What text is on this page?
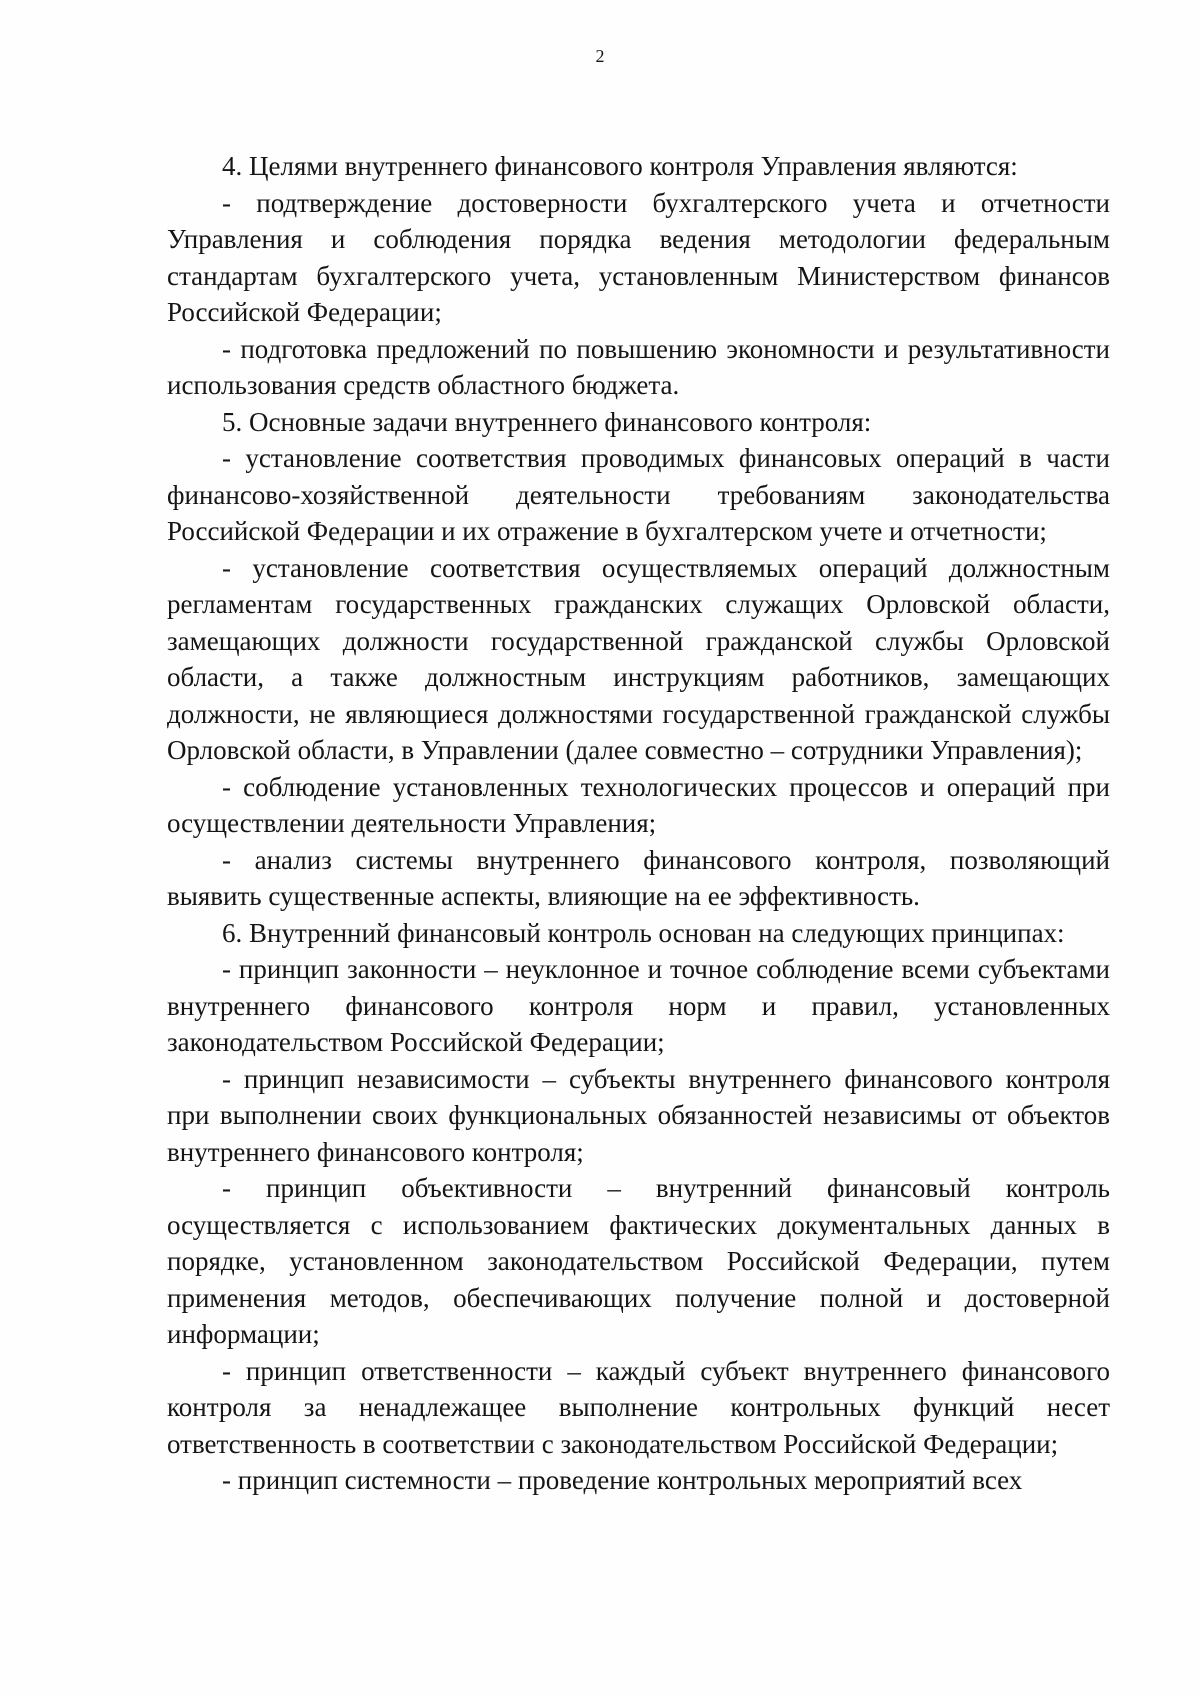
2

4. Целями внутреннего финансового контроля Управления являются:

- подтверждение достоверности бухгалтерского учета и отчетности Управления и соблюдения порядка ведения методологии федеральным стандартам бухгалтерского учета, установленным Министерством финансов Российской Федерации;

- подготовка предложений по повышению экономности и результативности использования средств областного бюджета.

5. Основные задачи внутреннего финансового контроля:

- установление соответствия проводимых финансовых операций в части финансово-хозяйственной деятельности требованиям законодательства Российской Федерации и их отражение в бухгалтерском учете и отчетности;

- установление соответствия осуществляемых операций должностным регламентам государственных гражданских служащих Орловской области, замещающих должности государственной гражданской службы Орловской области, а также должностным инструкциям работников, замещающих должности, не являющиеся должностями государственной гражданской службы Орловской области, в Управлении (далее совместно – сотрудники Управления);

- соблюдение установленных технологических процессов и операций при осуществлении деятельности Управления;

- анализ системы внутреннего финансового контроля, позволяющий выявить существенные аспекты, влияющие на ее эффективность.

6. Внутренний финансовый контроль основан на следующих принципах:

- принцип законности – неуклонное и точное соблюдение всеми субъектами внутреннего финансового контроля норм и правил, установленных законодательством Российской Федерации;

- принцип независимости – субъекты внутреннего финансового контроля при выполнении своих функциональных обязанностей независимы от объектов внутреннего финансового контроля;

- принцип объективности – внутренний финансовый контроль осуществляется с использованием фактических документальных данных в порядке, установленном законодательством Российской Федерации, путем применения методов, обеспечивающих получение полной и достоверной информации;

- принцип ответственности – каждый субъект внутреннего финансового контроля за ненадлежащее выполнение контрольных функций несет ответственность в соответствии с законодательством Российской Федерации;

- принцип системности – проведение контрольных мероприятий всех
